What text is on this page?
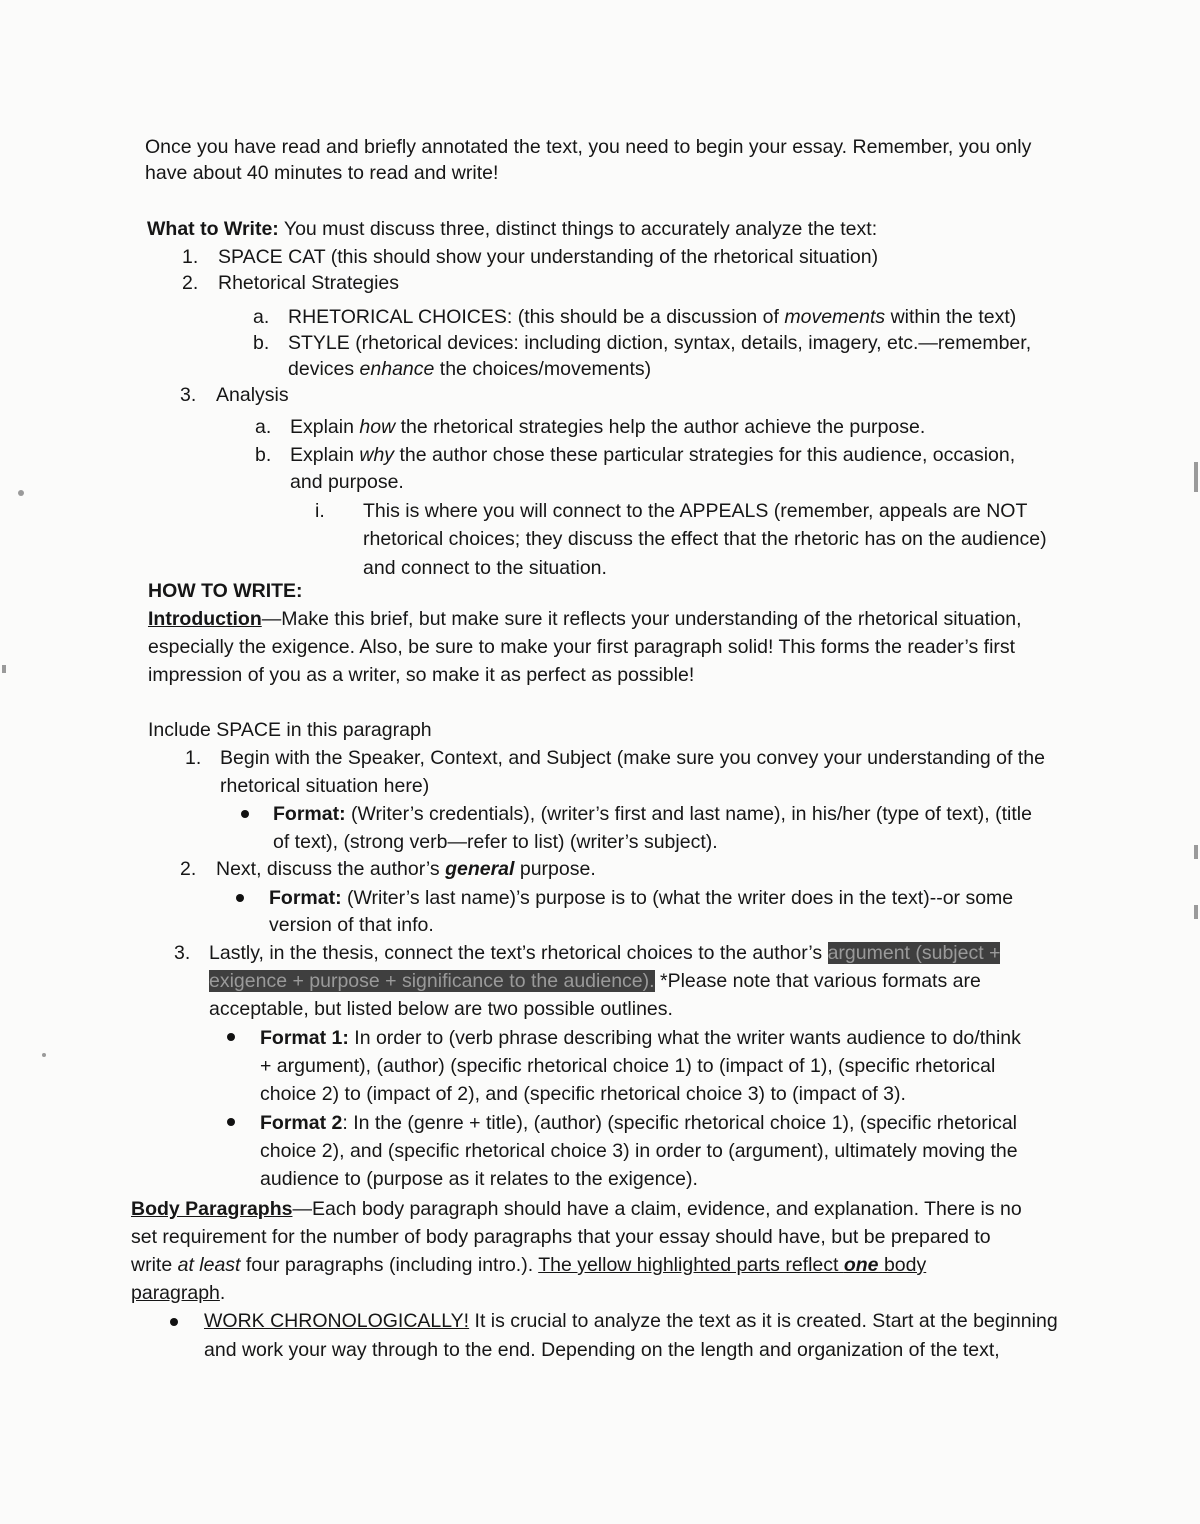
Once you have read and briefly annotated the text, you need to begin your essay. Remember, you only
have about 40 minutes to read and write!
What to Write: You must discuss three, distinct things to accurately analyze the text:
1. SPACE CAT (this should show your understanding of the rhetorical situation)
2. Rhetorical Strategies
a. RHETORICAL CHOICES: (this should be a discussion of movements within the text)
b. STYLE (rhetorical devices: including diction, syntax, details, imagery, etc.—remember,
devices enhance the choices/movements)
3. Analysis
a. Explain how the rhetorical strategies help the author achieve the purpose.
b. Explain why the author chose these particular strategies for this audience, occasion,
and purpose.
i. This is where you will connect to the APPEALS (remember, appeals are NOT
rhetorical choices; they discuss the effect that the rhetoric has on the audience)
and connect to the situation.
HOW TO WRITE:
Introduction—Make this brief, but make sure it reflects your understanding of the rhetorical situation,
especially the exigence. Also, be sure to make your first paragraph solid! This forms the reader’s first
impression of you as a writer, so make it as perfect as possible!
Include SPACE in this paragraph
1. Begin with the Speaker, Context, and Subject (make sure you convey your understanding of the
rhetorical situation here)
Format: (Writer’s credentials), (writer’s first and last name), in his/her (type of text), (title
of text), (strong verb—refer to list) (writer’s subject).
2. Next, discuss the author’s general purpose.
Format: (Writer’s last name)’s purpose is to (what the writer does in the text)--or some
version of that info.
3. Lastly, in the thesis, connect the text’s rhetorical choices to the author’s argument (subject +
exigence + purpose + significance to the audience). *Please note that various formats are
acceptable, but listed below are two possible outlines.
Format 1: In order to (verb phrase describing what the writer wants audience to do/think
+ argument), (author) (specific rhetorical choice 1) to (impact of 1), (specific rhetorical
choice 2) to (impact of 2), and (specific rhetorical choice 3) to (impact of 3).
Format 2: In the (genre + title), (author) (specific rhetorical choice 1), (specific rhetorical
choice 2), and (specific rhetorical choice 3) in order to (argument), ultimately moving the
audience to (purpose as it relates to the exigence).
Body Paragraphs—Each body paragraph should have a claim, evidence, and explanation. There is no
set requirement for the number of body paragraphs that your essay should have, but be prepared to
write at least four paragraphs (including intro.). The yellow highlighted parts reflect one body
paragraph.
WORK CHRONOLOGICALLY! It is crucial to analyze the text as it is created. Start at the beginning
and work your way through to the end. Depending on the length and organization of the text,
